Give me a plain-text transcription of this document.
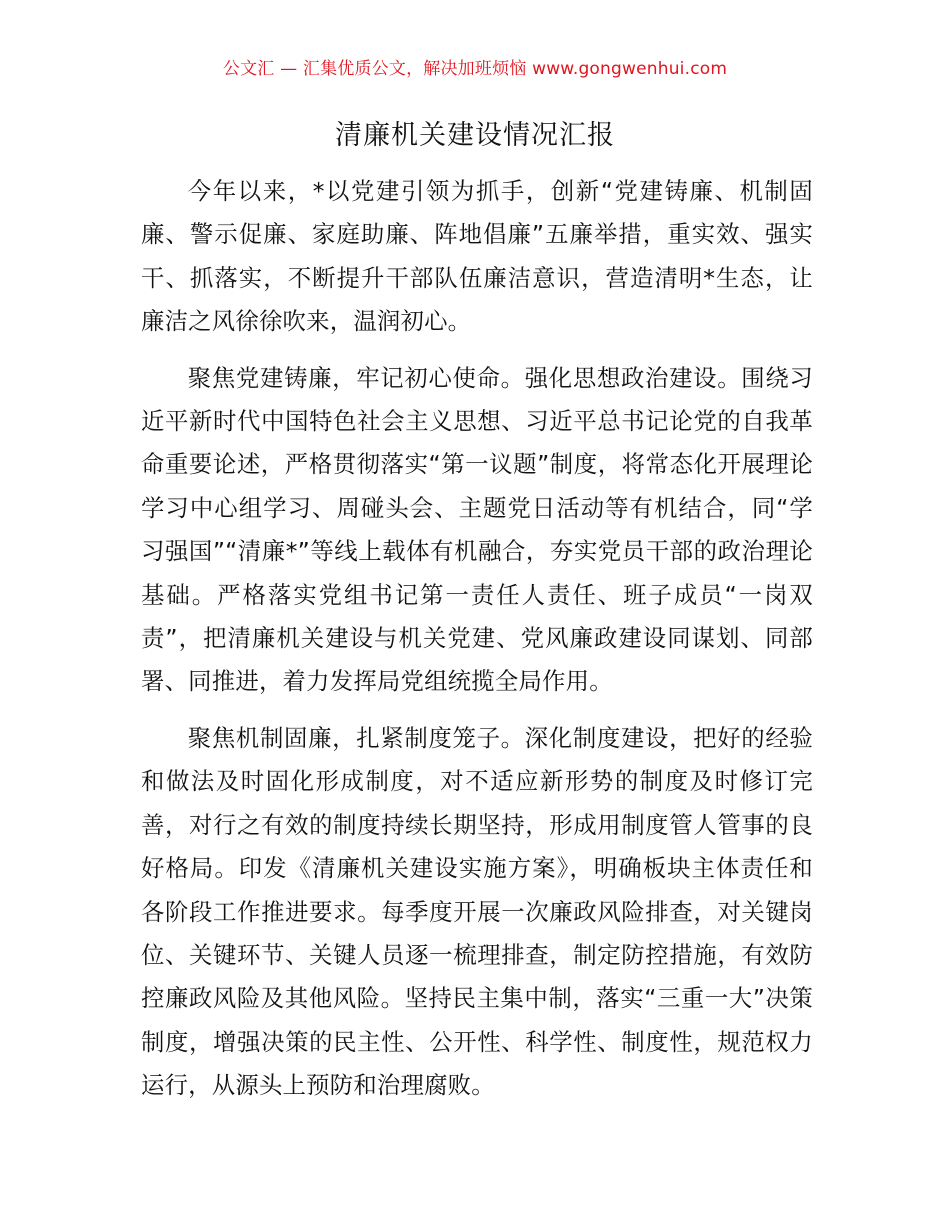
公文汇 — 汇集优质公文，解决加班烦恼 www.gongwenhui.com
清廉机关建设情况汇报

今年以来，*以党建引领为抓手，创新“党建铸廉、机制固廉、警示促廉、家庭助廉、阵地倡廉”五廉举措，重实效、强实干、抓落实，不断提升干部队伍廉洁意识，营造清明*生态，让廉洁之风徐徐吹来，温润初心。

聚焦党建铸廉，牢记初心使命。强化思想政治建设。围绕习近平新时代中国特色社会主义思想、习近平总书记论党的自我革命重要论述，严格贯彻落实“第一议题”制度，将常态化开展理论学习中心组学习、周碰头会、主题党日活动等有机结合，同“学习强国”“清廉*”等线上载体有机融合，夯实党员干部的政治理论基础。严格落实党组书记第一责任人责任、班子成员“一岗双责”，把清廉机关建设与机关党建、党风廉政建设同谋划、同部署、同推进，着力发挥局党组统揽全局作用。

聚焦机制固廉，扎紧制度笼子。深化制度建设，把好的经验和做法及时固化形成制度，对不适应新形势的制度及时修订完善，对行之有效的制度持续长期坚持，形成用制度管人管事的良好格局。印发《清廉机关建设实施方案》，明确板块主体责任和各阶段工作推进要求。每季度开展一次廉政风险排查，对关键岗位、关键环节、关键人员逐一梳理排查，制定防控措施，有效防控廉政风险及其他风险。坚持民主集中制，落实“三重一大”决策制度，增强决策的民主性、公开性、科学性、制度性，规范权力运行，从源头上预防和治理腐败。
